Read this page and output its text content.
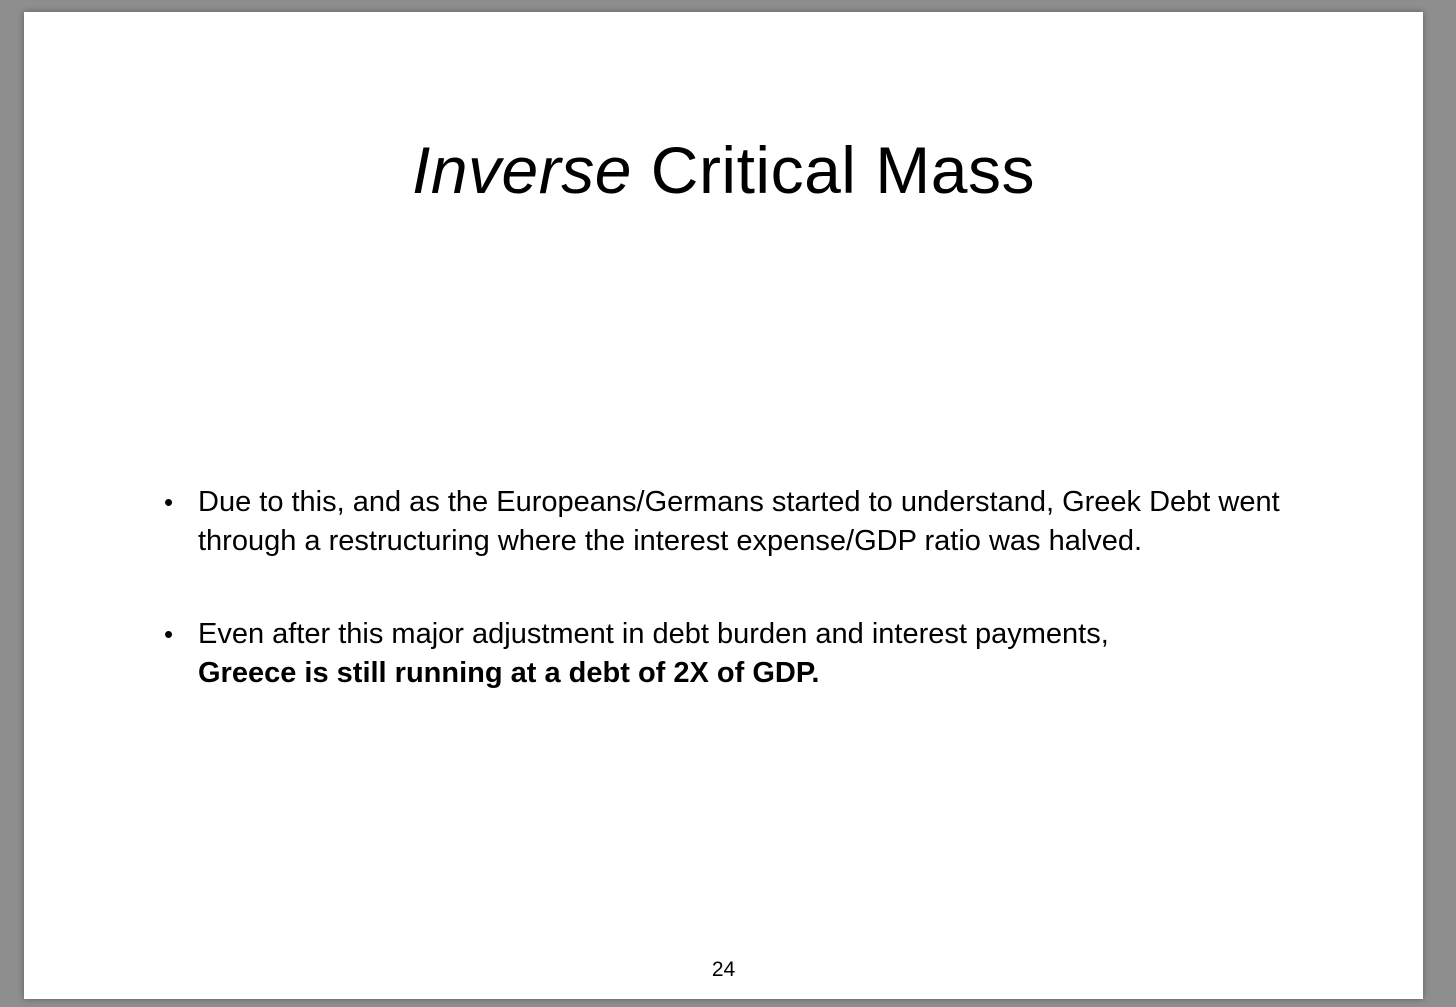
Inverse Critical Mass
• Due to this, and as the Europeans/Germans started to understand, Greek Debt went through a restructuring where the interest expense/GDP ratio was halved.
• Even after this major adjustment in debt burden and interest payments,
Greece is still running at a debt of 2X of GDP.
24
